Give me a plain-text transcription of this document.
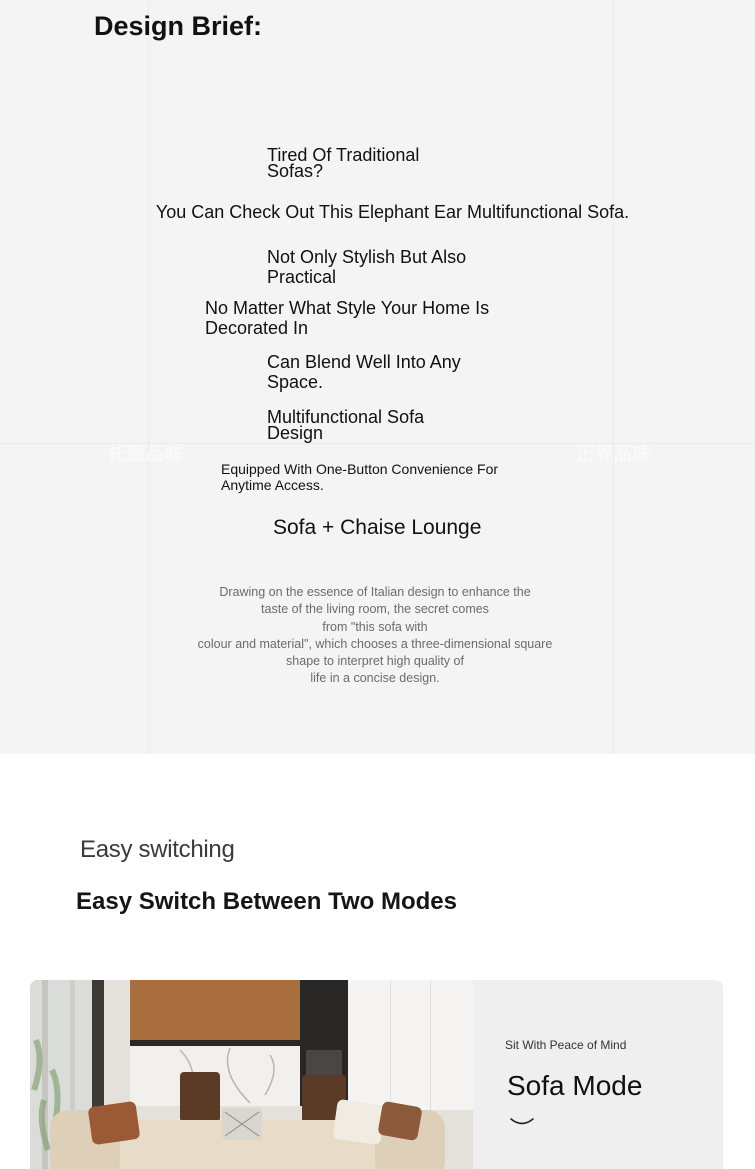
托腮品味	正界品味
Design Brief:

Tired Of Traditional Sofas?

You Can Check Out This Elephant Ear Multifunctional Sofa.

Not Only Stylish But Also Practical

No Matter What Style Your Home Is Decorated In

Can Blend Well Into Any Space.

Multifunctional Sofa Design

Equipped With One-Button Convenience For Anytime Access.

Sofa + Chaise Lounge

Drawing on the essence of Italian design to enhance the
taste of the living room, the secret comes
from "this sofa with
colour and material", which chooses a three-dimensional square
shape to interpret high quality of
life in a concise design.
Easy switching
Easy Switch Between Two Modes
Sit With Peace of Mind
Sofa Mode
